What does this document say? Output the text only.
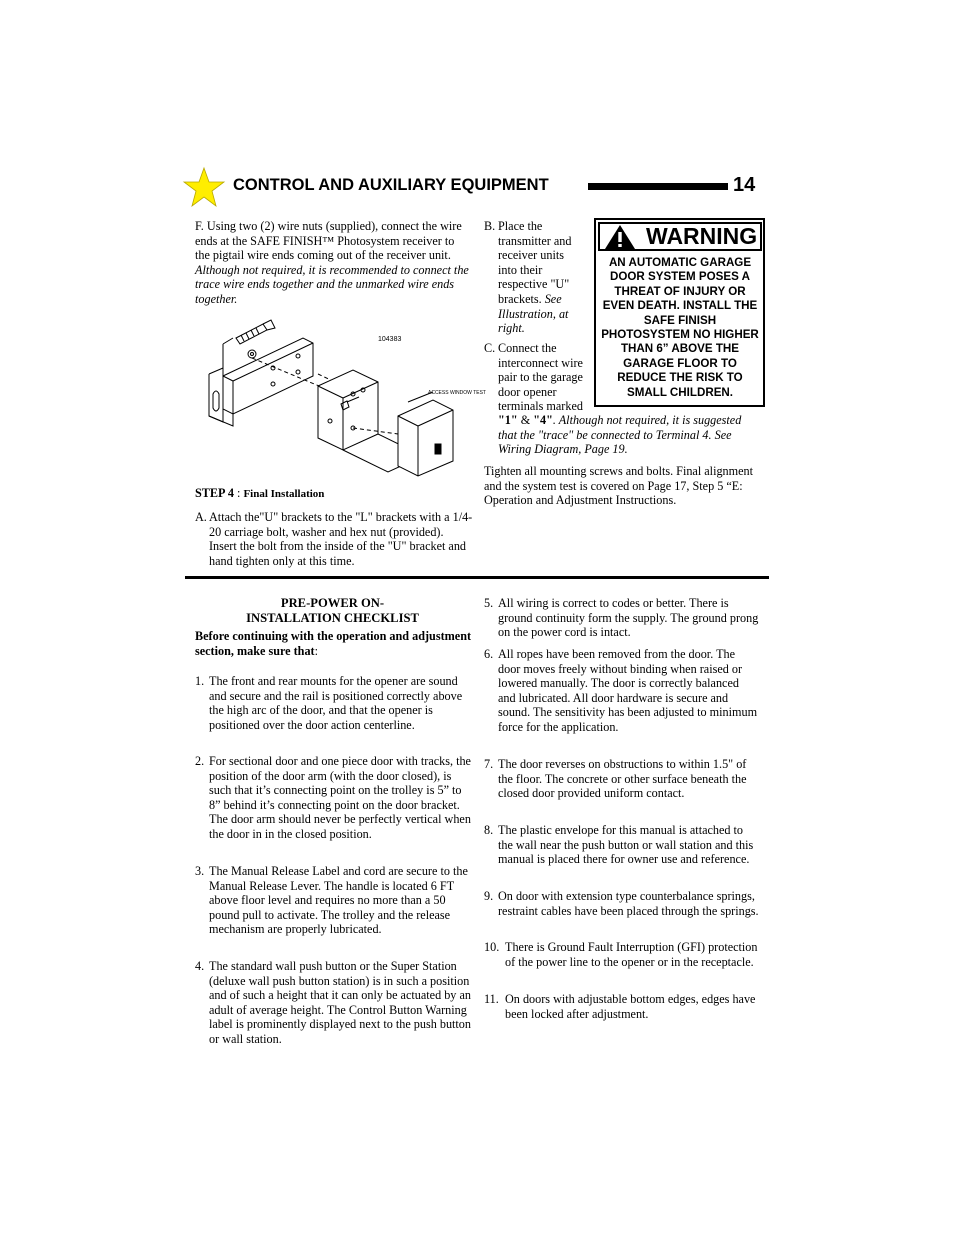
CONTROL AND AUXILIARY EQUIPMENT	14
F. Using two (2) wire nuts (supplied), connect the wire ends at the SAFE FINISH™ Photosystem receiver to the pigtail wire ends coming out of the receiver unit. Although not required, it is recommended to connect the trace wire ends together and the unmarked wire ends together.
104383
ACCESS WINDOW TEST
STEP 4 : Final Installation
A. Attach the"U" brackets to the "L" brackets with a 1/4-20 carriage bolt, washer and hex nut (provided). Insert the bolt from the inside of the "U" bracket and hand tighten only at this time.
B. Place the transmitter and receiver units into their respective "U" brackets. See Illustration, at right.
C. Connect the interconnect wire pair to the garage door opener terminals marked
"1" & "4". Although not required, it is suggested that the "trace" be connected to Terminal 4. See Wiring Diagram, Page 19.
Tighten all mounting screws and bolts. Final alignment and the system test is covered on Page 17, Step 5 “E: Operation and Adjustment Instructions.
WARNING
AN AUTOMATIC GARAGE DOOR SYSTEM POSES A THREAT OF INJURY OR EVEN DEATH. INSTALL THE SAFE FINISH PHOTOSYSTEM NO HIGHER THAN 6” ABOVE THE GARAGE FLOOR TO REDUCE THE RISK TO SMALL CHILDREN.
PRE-POWER ON-
INSTALLATION CHECKLIST
Before continuing with the operation and adjustment section, make sure that:
1. The front and rear mounts for the opener are sound and secure and the rail is positioned correctly above the high arc of the door, and that the opener is positioned over the door action centerline.
2. For sectional door and one piece door with tracks, the position of the door arm (with the door closed), is such that it’s connecting point on the trolley is 5” to 8” behind it’s connecting point on the door bracket. The door arm should never be perfectly vertical when the door in in the closed position.
3. The Manual Release Label and cord are secure to the Manual Release Lever. The handle is located 6 FT above floor level and requires no more than a 50 pound pull to activate. The trolley and the release mechanism are properly lubricated.
4. The standard wall push button or the Super Station (deluxe wall push button station) is in such a position and of such a height that it can only be actuated by an adult of average height. The Control Button Warning label is prominently displayed next to the push button or wall station.
5. All wiring is correct to codes or better. There is ground continuity form the supply. The ground prong on the power cord is intact.
6. All ropes have been removed from the door. The door moves freely without binding when raised or lowered manually. The door is correctly balanced and lubricated. All door hardware is secure and sound. The sensitivity has been adjusted to minimum force for the application.
7. The door reverses on obstructions to within 1.5" of the floor. The concrete or other surface beneath the closed door provided uniform contact.
8. The plastic envelope for this manual is attached to the wall near the push button or wall station and this manual is placed there for owner use and reference.
9. On door with extension type counterbalance springs, restraint cables have been placed through the springs.
10. There is Ground Fault Interruption (GFI) protection of the power line to the opener or in the receptacle.
11. On doors with adjustable bottom edges, edges have been locked after adjustment.
